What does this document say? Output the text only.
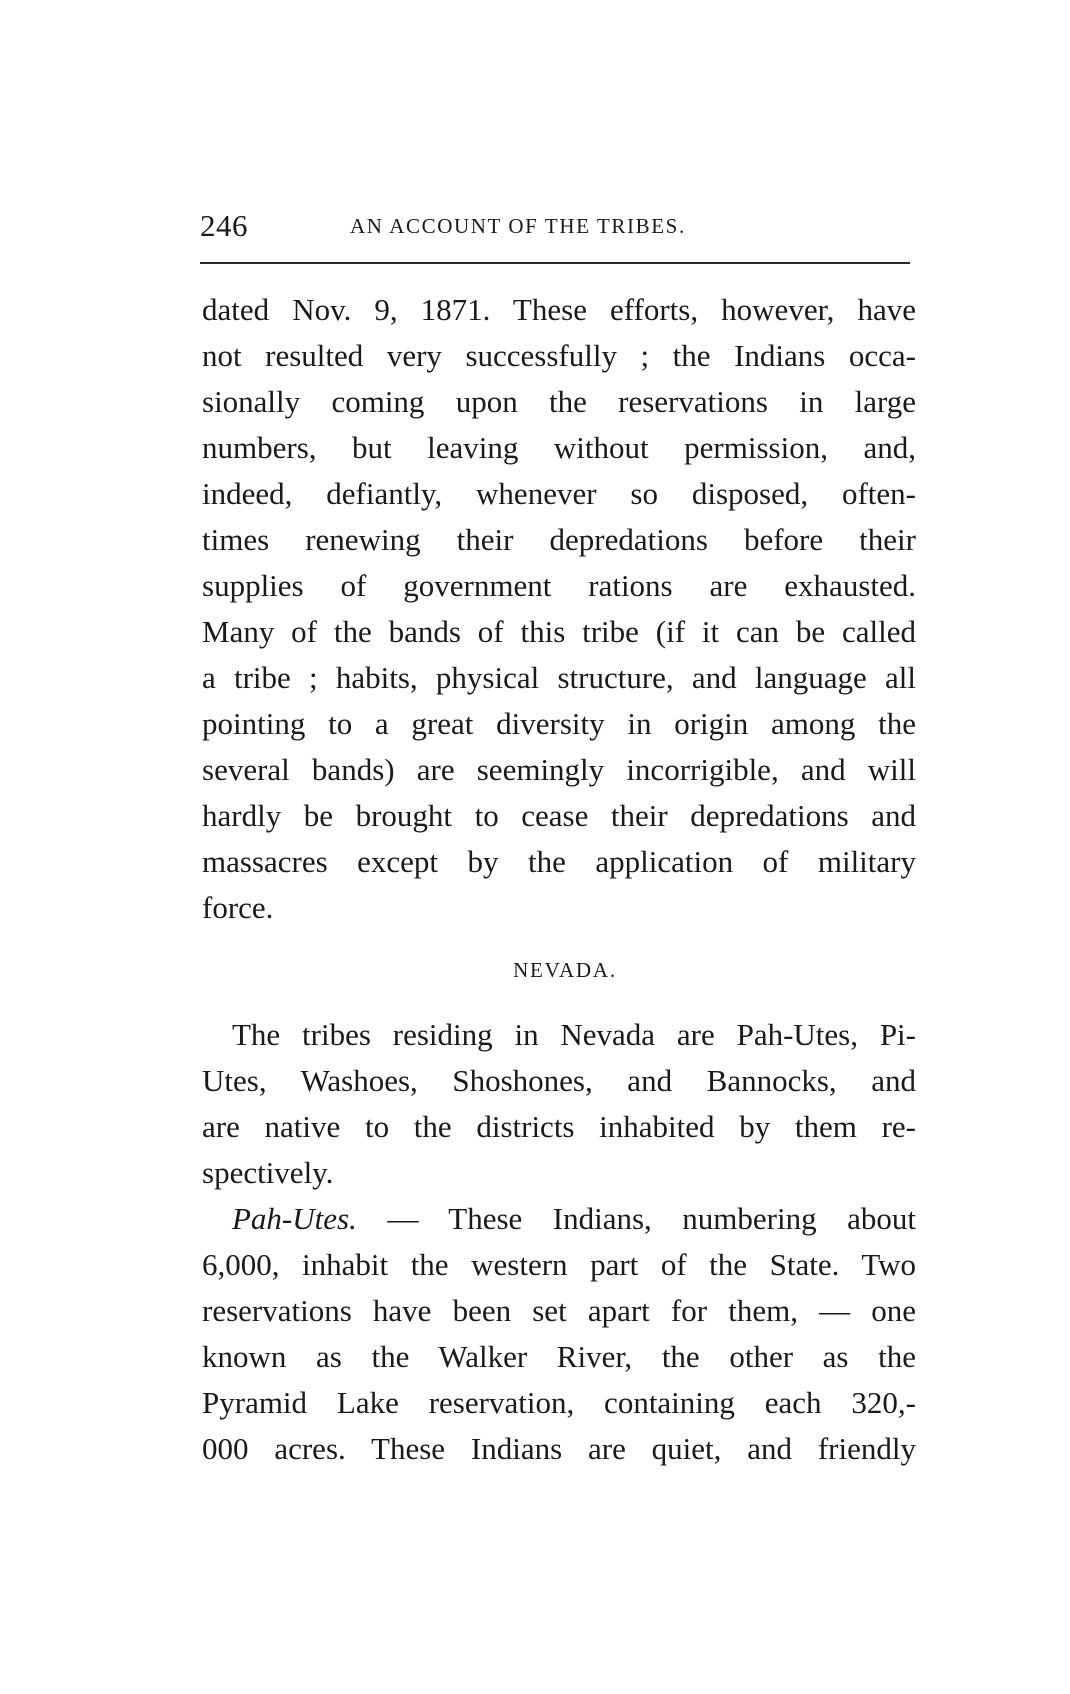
246	AN ACCOUNT OF THE TRIBES.
dated Nov. 9, 1871. These efforts, however, have
not resulted very successfully ; the Indians occa-
sionally coming upon the reservations in large
numbers, but leaving without permission, and,
indeed, defiantly, whenever so disposed, often-
times renewing their depredations before their
supplies of government rations are exhausted.
Many of the bands of this tribe (if it can be called
a tribe ; habits, physical structure, and language all
pointing to a great diversity in origin among the
several bands) are seemingly incorrigible, and will
hardly be brought to cease their depredations and
massacres except by the application of military
force.
NEVADA.
The tribes residing in Nevada are Pah-Utes, Pi-
Utes, Washoes, Shoshones, and Bannocks, and
are native to the districts inhabited by them re-
spectively.
Pah-Utes. — These Indians, numbering about
6,000, inhabit the western part of the State. Two
reservations have been set apart for them, — one
known as the Walker River, the other as the
Pyramid Lake reservation, containing each 320,-
000 acres. These Indians are quiet, and friendly
